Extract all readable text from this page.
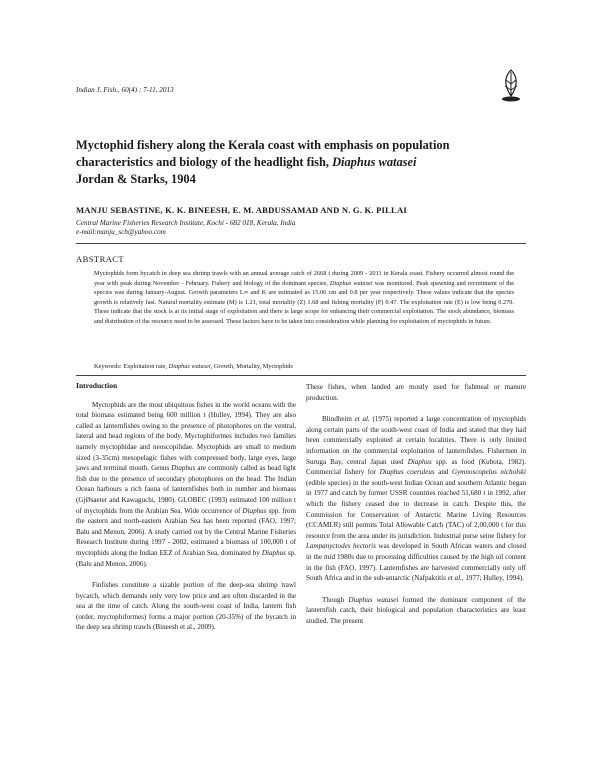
Indian J. Fish., 60(4) : 7-11, 2013
Myctophid fishery along the Kerala coast with emphasis on population characteristics and biology of the headlight fish, Diaphus watasei
Jordan & Starks, 1904
MANJU SEBASTINE, K. K. BINEESH, E. M. ABDUSSAMAD AND N. G. K. PILLAI
Central Marine Fisheries Research Institute, Kochi - 682 018, Kerala, India
e-mail:manju_scb@yahoo.com
ABSTRACT

Myctophids form bycatch in deep sea shrimp trawls with an annual average catch of 2668 t during 2009 - 2011 in Kerala coast. Fishery occurred almost round the year with peak during November - February. Fishery and biology of the dominant species, Diaphus watasei was monitored. Peak spawning and recruitment of the species was during January-August. Growth parameters L∞ and K are estimated as 15.06 cm and 0.8 per year respectively. These values indicate that the species growth is relatively fast. Natural mortality estimate (M) is 1.21, total mortality (Z) 1.68 and fishing mortality (F) 0.47. The exploitation rate (E) is low being 0.279. These indicate that the stock is at its initial stage of exploitation and there is large scope for enhancing their commercial exploitation. The stock abundance, biomass and distribution of the resource need to be assessed. These factors have to be taken into consideration while planning for exploitation of myctophids in future.

Keywords: Exploitation rate, Diaphus watasei, Growth, Mortality, Myctophids
Introduction

Myctophids are the most ubiquitous fishes in the world oceans with the total biomass estimated being 600 million t (Hulley, 1994). They are also called as lanternfishes owing to the presence of photophores on the ventral, lateral and head regions of the body. Myctophiformes includes two families namely myctophidae and neoscopilidae. Myctophids are small to medium sized (3-35cm) mesopelagic fishes with compressed body, large eyes, large jaws and terminal mouth. Genus Diaphus are commonly called as head light fish due to the presence of secondary photophores on the head. The Indian Ocean harbours a rich fauna of lanternfishes both in number and biomass (GjØsaeter and Kawaguchi, 1980). GLOBEC (1993) estimated 100 million t of myctophids from the Arabian Sea. Wide occurrence of Diaphus spp. from the eastern and north-eastern Arabian Sea has been reported (FAO, 1997; Balu and Menon, 2006). A study carried out by the Central Marine Fisheries Research Institute during 1997 - 2002, estimated a biomass of 100,000 t of myctophids along the Indian EEZ of Arabian Sea, dominated by Diaphus sp. (Balu and Menon, 2006).

Finfishes constitute a sizable portion of the deep-sea shrimp trawl bycatch, which demands only very low price and are often discarded in the sea at the time of catch. Along the south-west coast of India, lantern fish (order, myctophiformes) forms a major portion (20-35%) of the bycatch in the deep sea shrimp trawls (Bineesh et al., 2009).

These fishes, when landed are mostly used for fishmeal or manure production.

Blindheim et al. (1975) reported a large concentration of myctophids along certain parts of the south-west coast of India and stated that they had been commercially exploited at certain localities. There is only limited information on the commercial exploitation of lanternfishes. Fishermen in Suruga Bay, central Japan used Diaphus spp. as food (Kubota, 1982). Commercial fishery for Diaphus coeruleus and Gymnoscopelus nicholski (edible species) in the south-west Indian Ocean and southern Atlantic began in 1977 and catch by former USSR countries reached 51,680 t in 1992, after which the fishery ceased due to decrease in catch. Despite this, the Commission for Conservation of Antarctic Marine Living Resources (CCAMLR) still permits Total Allowable Catch (TAC) of 2,00,000 t for this resource from the area under its jurisdiction. Industrial purse seine fishery for Lampanyctodes hectoris was developed in South African waters and closed in the mid 1980s due to processing difficulties caused by the high oil content in the fish (FAO, 1997). Lanternfishes are harvested commercially only off South Africa and in the sub-antarctic (Nafpaktitis et al., 1977; Hulley, 1994).

Though Diaphus watasei formed the dominant component of the lanternfish catch, their biological and population characteristics are least studied. The present
